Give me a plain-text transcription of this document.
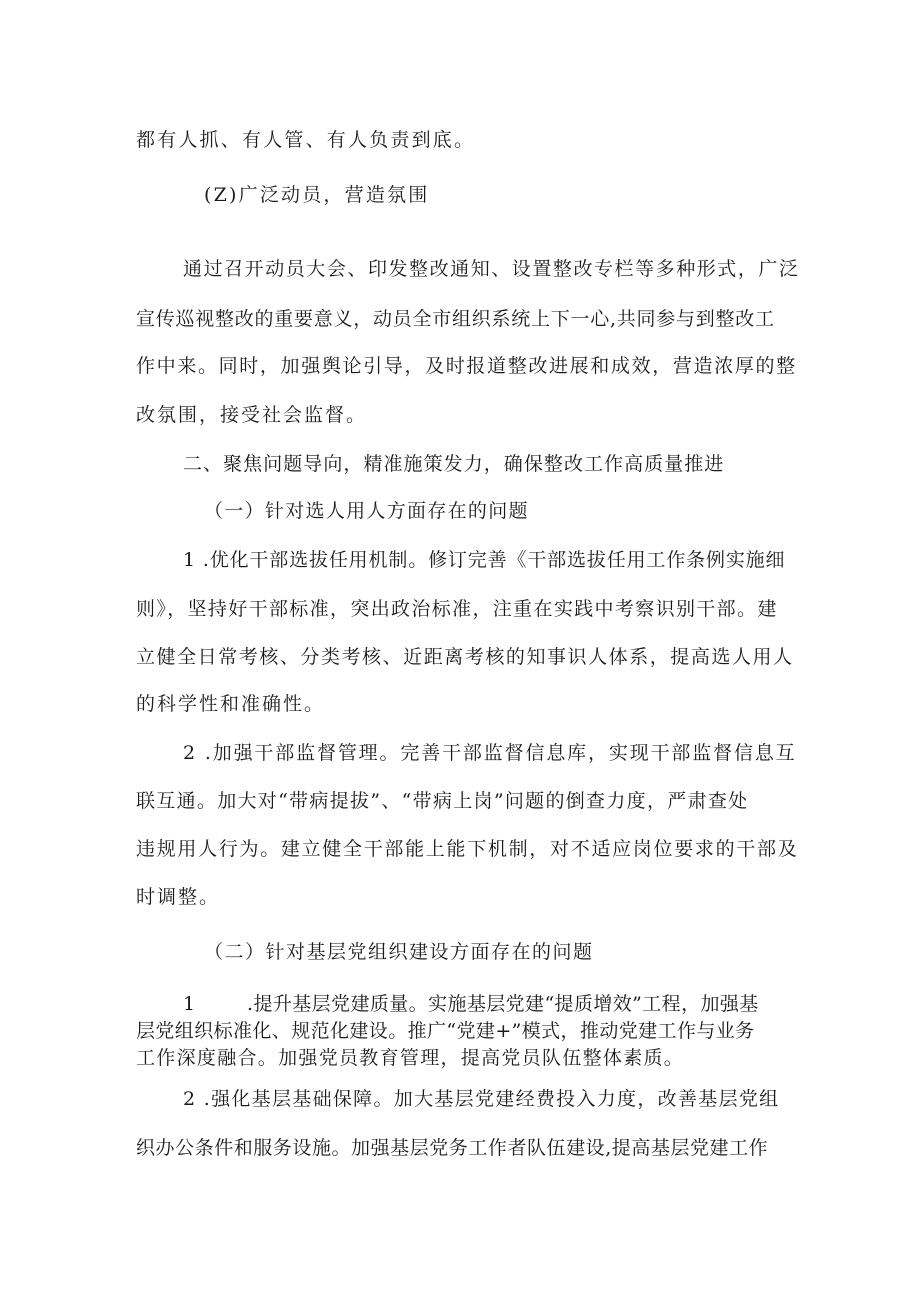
都有人抓、有人管、有人负责到底。
(Z)广泛动员，营造氛围
通过召开动员大会、印发整改通知、设置整改专栏等多种形式，广泛
宣传巡视整改的重要意义，动员全市组织系统上下一心,共同参与到整改工
作中来。同时，加强舆论引导，及时报道整改进展和成效，营造浓厚的整
改氛围，接受社会监督。
二、聚焦问题导向，精准施策发力，确保整改工作高质量推进
（一）针对选人用人方面存在的问题
1 .优化干部选拔任用机制。修订完善《干部选拔任用工作条例实施细
则》，坚持好干部标准，突出政治标准，注重在实践中考察识别干部。建
立健全日常考核、分类考核、近距离考核的知事识人体系，提高选人用人
的科学性和准确性。
2 .加强干部监督管理。完善干部监督信息库，实现干部监督信息互
联互通。加大对“带病提拔”、“带病上岗”问题的倒查力度，严肃查处
违规用人行为。建立健全干部能上能下机制，对不适应岗位要求的干部及
时调整。
（二）针对基层党组织建设方面存在的问题
1        .提升基层党建质量。实施基层党建“提质增效”工程，加强基
层党组织标准化、规范化建设。推广“党建+”模式，推动党建工作与业务
工作深度融合。加强党员教育管理，提高党员队伍整体素质。
2 .强化基层基础保障。加大基层党建经费投入力度，改善基层党组
织办公条件和服务设施。加强基层党务工作者队伍建设,提高基层党建工作
